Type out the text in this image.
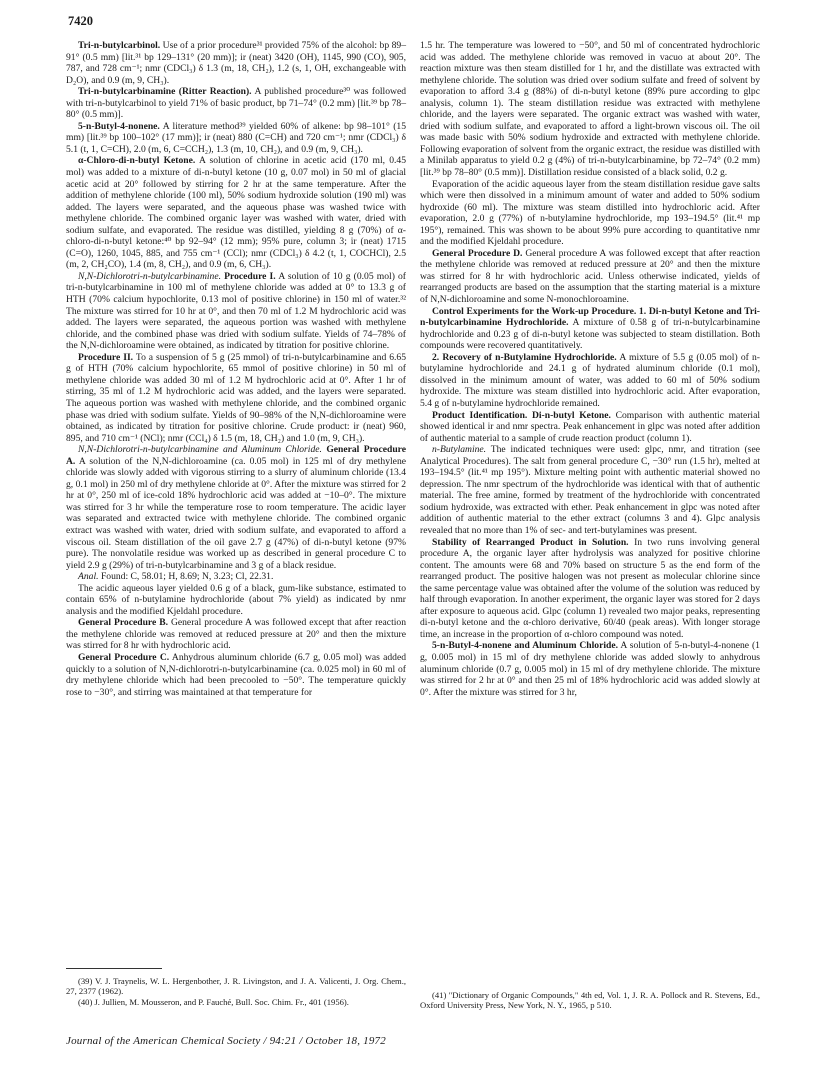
7420

Tri-n-butylcarbinol. Use of a prior procedure³¹ provided 75% of the alcohol: bp 89–91° (0.5 mm) [lit.³¹ bp 129–131° (20 mm)]; ir (neat) 3420 (OH), 1145, 990 (CO), 905, 787, and 728 cm⁻¹; nmr (CDCl₃) δ 1.3 (m, 18, CH₂), 1.2 (s, 1, OH, exchangeable with D₂O), and 0.9 (m, 9, CH₃).

Tri-n-butylcarbinamine (Ritter Reaction). A published procedure³⁰ was followed with tri-n-butylcarbinol to yield 71% of basic product, bp 71–74° (0.2 mm) [lit.³⁹ bp 78–80° (0.5 mm)].

5-n-Butyl-4-nonene. A literature method³⁹ yielded 60% of alkene: bp 98–101° (15 mm) [lit.³⁹ bp 100–102° (17 mm)]; ir (neat) 880 (C=CH) and 720 cm⁻¹; nmr (CDCl₃) δ 5.1 (t, 1, C=CH), 2.0 (m, 6, C=CCH₂), 1.3 (m, 10, CH₂), and 0.9 (m, 9, CH₃).

α-Chloro-di-n-butyl Ketone. A solution of chlorine in acetic acid (170 ml, 0.45 mol) was added to a mixture of di-n-butyl ketone (10 g, 0.07 mol) in 50 ml of glacial acetic acid at 20° followed by stirring for 2 hr at the same temperature. After the addition of methylene chloride (100 ml), 50% sodium hydroxide solution (190 ml) was added. The layers were separated, and the aqueous phase was washed twice with methylene chloride. The combined organic layer was washed with water, dried with sodium sulfate, and evaporated. The residue was distilled, yielding 8 g (70%) of α-chloro-di-n-butyl ketone:⁴⁰ bp 92–94° (12 mm); 95% pure, column 3; ir (neat) 1715 (C=O), 1260, 1045, 885, and 755 cm⁻¹ (CCl); nmr (CDCl₃) δ 4.2 (t, 1, COCHCl), 2.5 (m, 2, CH₂CO), 1.4 (m, 8, CH₂), and 0.9 (m, 6, CH₃).

N,N-Dichlorotri-n-butylcarbinamine. Procedure I. A solution of 10 g (0.05 mol) of tri-n-butylcarbinamine in 100 ml of methylene chloride was added at 0° to 13.3 g of HTH (70% calcium hypochlorite, 0.13 mol of positive chlorine) in 150 ml of water.³² The mixture was stirred for 10 hr at 0°, and then 70 ml of 1.2 M hydrochloric acid was added. The layers were separated, the aqueous portion was washed with methylene chloride, and the combined phase was dried with sodium sulfate. Yields of 74–78% of the N,N-dichloroamine were obtained, as indicated by titration for positive chlorine.

Procedure II. To a suspension of 5 g (25 mmol) of tri-n-butylcarbinamine and 6.65 g of HTH (70% calcium hypochlorite, 65 mmol of positive chlorine) in 50 ml of methylene chloride was added 30 ml of 1.2 M hydrochloric acid at 0°. After 1 hr of stirring, 35 ml of 1.2 M hydrochloric acid was added, and the layers were separated. The aqueous portion was washed with methylene chloride, and the combined organic phase was dried with sodium sulfate. Yields of 90–98% of the N,N-dichloroamine were obtained, as indicated by titration for positive chlorine. Crude product: ir (neat) 960, 895, and 710 cm⁻¹ (NCl); nmr (CCl₄) δ 1.5 (m, 18, CH₂) and 1.0 (m, 9, CH₃).

N,N-Dichlorotri-n-butylcarbinamine and Aluminum Chloride. General Procedure A. A solution of the N,N-dichloroamine (ca. 0.05 mol) in 125 ml of dry methylene chloride was slowly added with vigorous stirring to a slurry of aluminum chloride (13.4 g, 0.1 mol) in 250 ml of dry methylene chloride at 0°. After the mixture was stirred for 2 hr at 0°, 250 ml of ice-cold 18% hydrochloric acid was added at −10–0°. The mixture was stirred for 3 hr while the temperature rose to room temperature. The acidic layer was separated and extracted twice with methylene chloride. The combined organic extract was washed with water, dried with sodium sulfate, and evaporated to afford a viscous oil. Steam distillation of the oil gave 2.7 g (47%) of di-n-butyl ketone (97% pure). The nonvolatile residue was worked up as described in general procedure C to yield 2.9 g (29%) of tri-n-butylcarbinamine and 3 g of a black residue.

Anal. Found: C, 58.01; H, 8.69; N, 3.23; Cl, 22.31.

The acidic aqueous layer yielded 0.6 g of a black, gum-like substance, estimated to contain 65% of n-butylamine hydrochloride (about 7% yield) as indicated by nmr analysis and the modified Kjeldahl procedure.

General Procedure B. General procedure A was followed except that after reaction the methylene chloride was removed at reduced pressure at 20° and then the mixture was stirred for 8 hr with hydrochloric acid.

General Procedure C. Anhydrous aluminum chloride (6.7 g, 0.05 mol) was added quickly to a solution of N,N-dichlorotri-n-butylcarbinamine (ca. 0.025 mol) in 60 ml of dry methylene chloride which had been precooled to −50°. The temperature quickly rose to −30°, and stirring was maintained at that temperature for

1.5 hr. The temperature was lowered to −50°, and 50 ml of concentrated hydrochloric acid was added. The methylene chloride was removed in vacuo at about 20°. The reaction mixture was then steam distilled for 1 hr, and the distillate was extracted with methylene chloride. The solution was dried over sodium sulfate and freed of solvent by evaporation to afford 3.4 g (88%) of di-n-butyl ketone (89% pure according to glpc analysis, column 1). The steam distillation residue was extracted with methylene chloride, and the layers were separated. The organic extract was washed with water, dried with sodium sulfate, and evaporated to afford a light-brown viscous oil. The oil was made basic with 50% sodium hydroxide and extracted with methylene chloride. Following evaporation of solvent from the organic extract, the residue was distilled with a Minilab apparatus to yield 0.2 g (4%) of tri-n-butylcarbinamine, bp 72–74° (0.2 mm) [lit.³⁹ bp 78–80° (0.5 mm)]. Distillation residue consisted of a black solid, 0.2 g.

Evaporation of the acidic aqueous layer from the steam distillation residue gave salts which were then dissolved in a minimum amount of water and added to 50% sodium hydroxide (60 ml). The mixture was steam distilled into hydrochloric acid. After evaporation, 2.0 g (77%) of n-butylamine hydrochloride, mp 193–194.5° (lit.⁴¹ mp 195°), remained. This was shown to be about 99% pure according to quantitative nmr and the modified Kjeldahl procedure.

General Procedure D. General procedure A was followed except that after reaction the methylene chloride was removed at reduced pressure at 20° and then the mixture was stirred for 8 hr with hydrochloric acid. Unless otherwise indicated, yields of rearranged products are based on the assumption that the starting material is a mixture of N,N-dichloroamine and some N-monochloroamine.

Control Experiments for the Work-up Procedure. 1. Di-n-butyl Ketone and Tri-n-butylcarbinamine Hydrochloride. A mixture of 0.58 g of tri-n-butylcarbinamine hydrochloride and 0.23 g of di-n-butyl ketone was subjected to steam distillation. Both compounds were recovered quantitatively.

2. Recovery of n-Butylamine Hydrochloride. A mixture of 5.5 g (0.05 mol) of n-butylamine hydrochloride and 24.1 g of hydrated aluminum chloride (0.1 mol), dissolved in the minimum amount of water, was added to 60 ml of 50% sodium hydroxide. The mixture was steam distilled into hydrochloric acid. After evaporation, 5.4 g of n-butylamine hydrochloride remained.

Product Identification. Di-n-butyl Ketone. Comparison with authentic material showed identical ir and nmr spectra. Peak enhancement in glpc was noted after addition of authentic material to a sample of crude reaction product (column 1).

n-Butylamine. The indicated techniques were used: glpc, nmr, and titration (see Analytical Procedures). The salt from general procedure C, −30° run (1.5 hr), melted at 193–194.5° (lit.⁴¹ mp 195°). Mixture melting point with authentic material showed no depression. The nmr spectrum of the hydrochloride was identical with that of authentic material. The free amine, formed by treatment of the hydrochloride with concentrated sodium hydroxide, was extracted with ether. Peak enhancement in glpc was noted after addition of authentic material to the ether extract (columns 3 and 4). Glpc analysis revealed that no more than 1% of sec- and tert-butylamines was present.

Stability of Rearranged Product in Solution. In two runs involving general procedure A, the organic layer after hydrolysis was analyzed for positive chlorine content. The amounts were 68 and 70% based on structure 5 as the end form of the rearranged product. The positive halogen was not present as molecular chlorine since the same percentage value was obtained after the volume of the solution was reduced by half through evaporation. In another experiment, the organic layer was stored for 2 days after exposure to aqueous acid. Glpc (column 1) revealed two major peaks, representing di-n-butyl ketone and the α-chloro derivative, 60/40 (peak areas). With longer storage time, an increase in the proportion of α-chloro compound was noted.

5-n-Butyl-4-nonene and Aluminum Chloride. A solution of 5-n-butyl-4-nonene (1 g, 0.005 mol) in 15 ml of dry methylene chloride was added slowly to anhydrous aluminum chloride (0.7 g, 0.005 mol) in 15 ml of dry methylene chloride. The mixture was stirred for 2 hr at 0° and then 25 ml of 18% hydrochloric acid was added slowly at 0°. After the mixture was stirred for 3 hr,

(39) V. J. Traynelis, W. L. Hergenbother, J. R. Livingston, and J. A. Valicenti, J. Org. Chem., 27, 2377 (1962).

(40) J. Jullien, M. Mousseron, and P. Fauché, Bull. Soc. Chim. Fr., 401 (1956).

(41) "Dictionary of Organic Compounds," 4th ed, Vol. 1, J. R. A. Pollock and R. Stevens, Ed., Oxford University Press, New York, N. Y., 1965, p 510.

Journal of the American Chemical Society / 94:21 / October 18, 1972
